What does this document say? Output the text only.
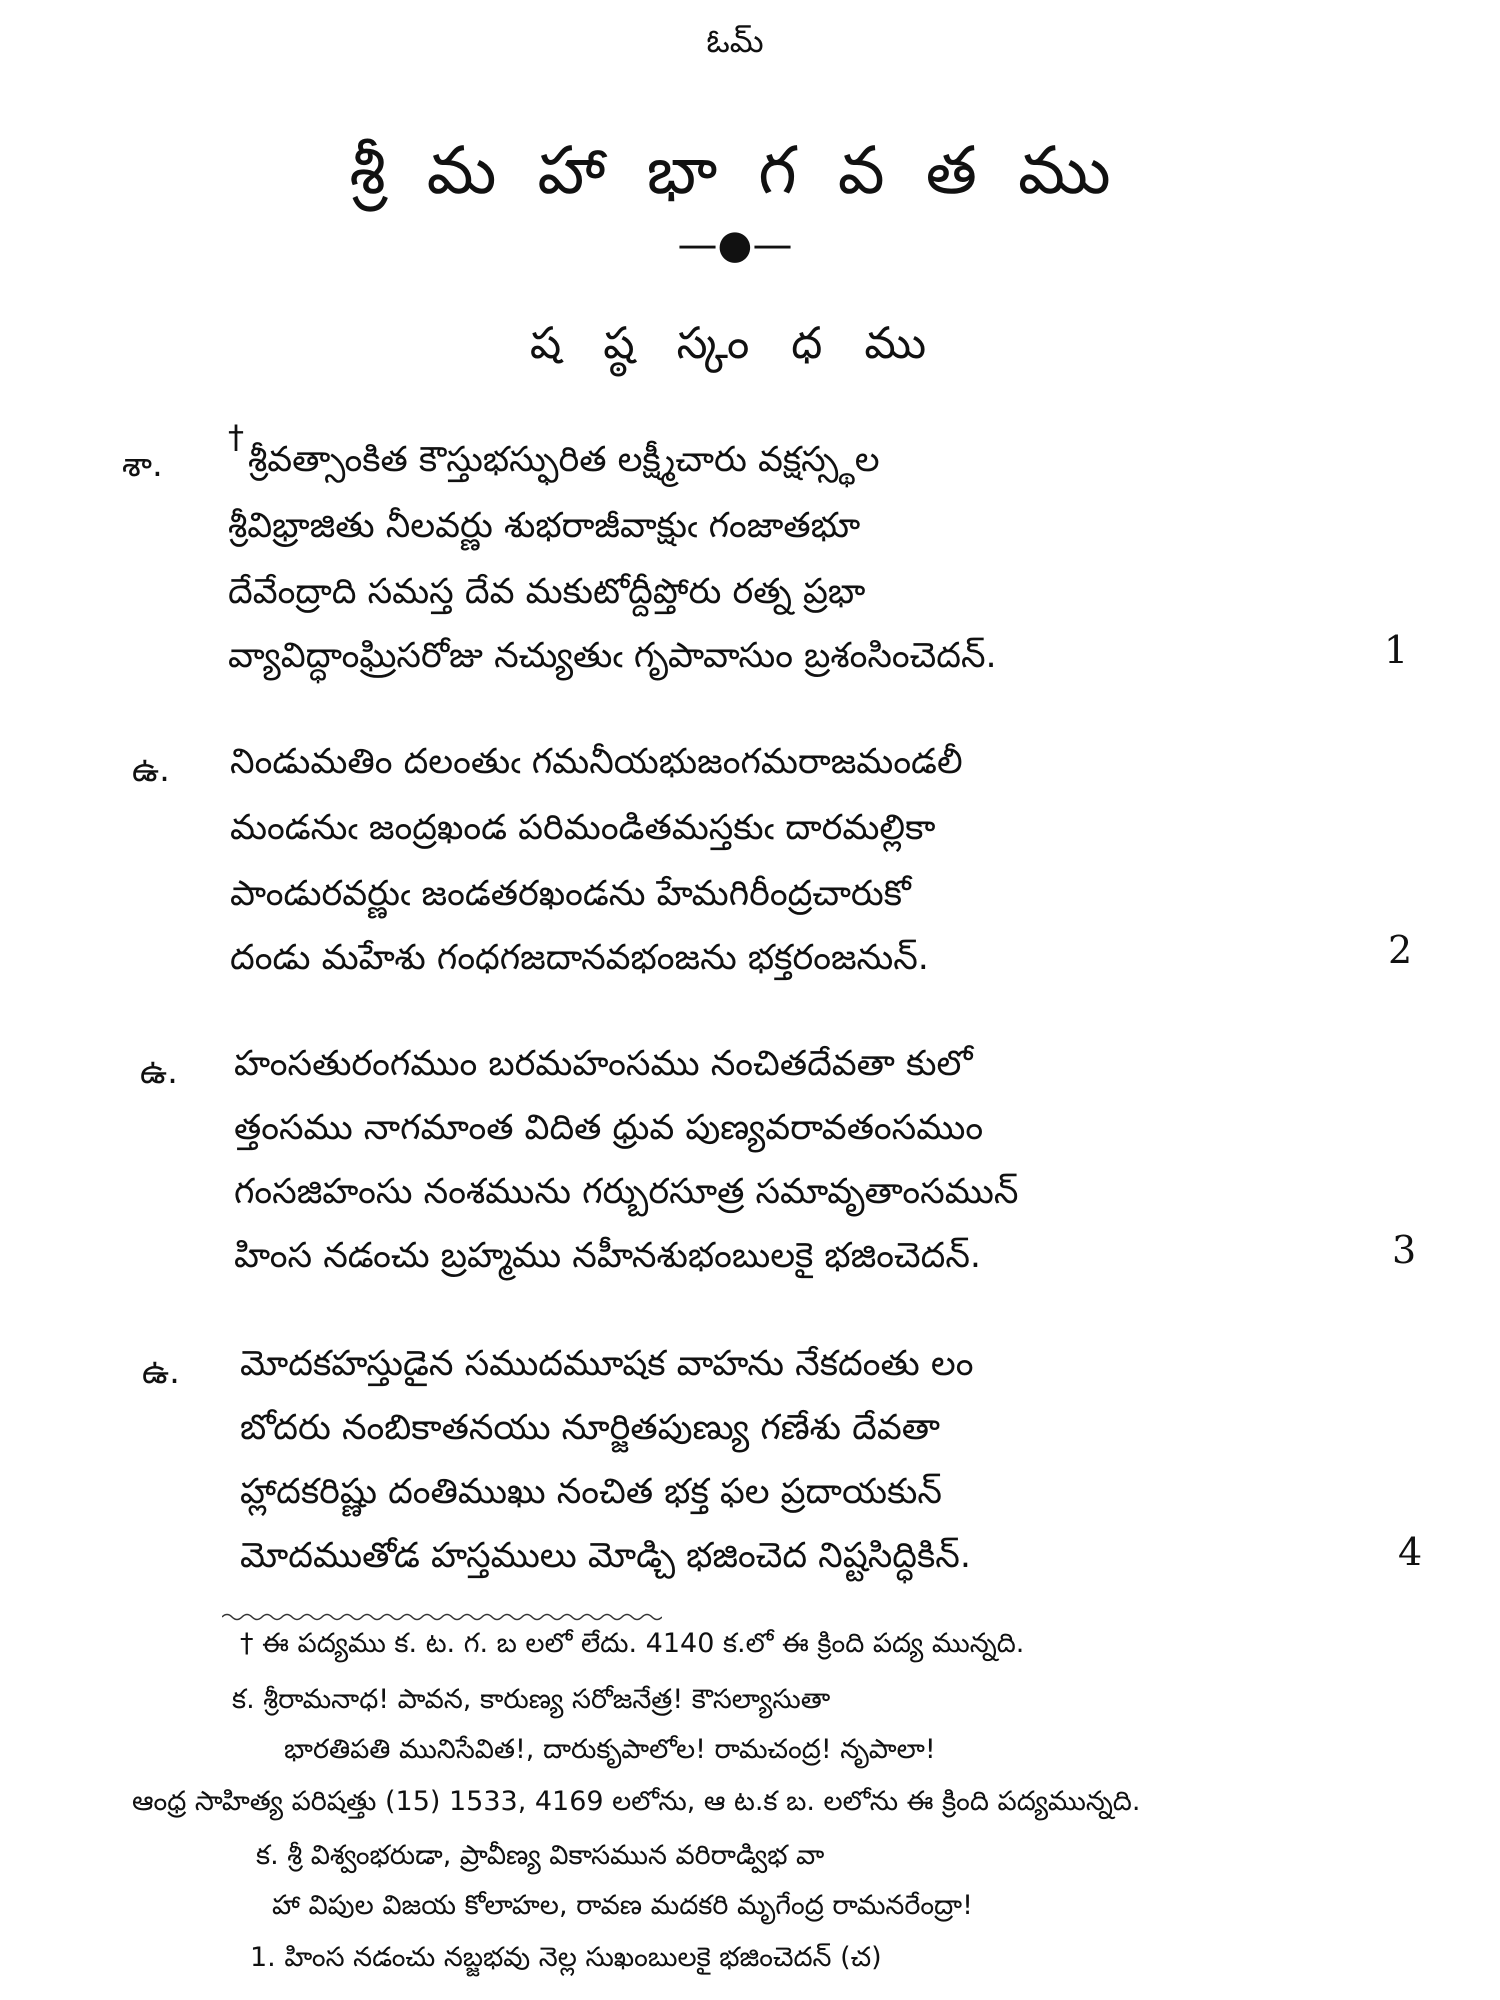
ఓమ్
శ్రీ మ హా భా గ వ త ము
—●—
ష ష్ఠ స్కం ధ ము
శా.
†
శ్రీవత్సాంకిత కౌస్తుభస్ఫురిత లక్ష్మీచారు వక్షస్స్థల
శ్రీవిభ్రాజితు నీలవర్ణు శుభరాజీవాక్షుఁ గంజాతభూ
దేవేంద్రాది సమస్త దేవ మకుటోద్దీప్తోరు రత్న ప్రభా
వ్యావిద్ధాంఘ్రిసరోజు నచ్యుతుఁ గృపావాసుం బ్రశంసించెదన్.	1
ఉ. నిండుమతిం దలంతుఁ గమనీయభుజంగమరాజమండలీ
మండనుఁ జంద్రఖండ పరిమండితమస్తకుఁ దారమల్లికా
పాండురవర్ణుఁ జండతరఖండను హేమగిరీంద్రచారుకో
దండు మహేశు గంధగజదానవభంజను భక్తరంజనున్.	2
ఉ. హంసతురంగముం బరమహంసము నంచితదేవతా కులో
త్తంసము నాగమాంత విదిత ధ్రువ పుణ్యవరావతంసముం
గంసజిహంసు నంశమును గర్బురసూత్ర సమావృతాంసమున్
హింస నడంచు బ్రహ్మము నహీనశుభంబులకై భజించెదన్.	3
ఉ. మోదకహస్తుడైన సముదమూషక వాహను నేకదంతు లం
బోదరు నంబికాతనయు నూర్జితపుణ్యు గణేశు దేవతా
హ్లాదకరిష్ణు దంతిముఖు నంచిత భక్త ఫల ప్రదాయకున్
మోదముతోడ హస్తములు మోడ్చి భజించెద నిష్టసిద్ధికిన్.	4
† ఈ పద్యము క. ట. గ. బ లలో లేదు. 4140 క.లో ఈ క్రింది పద్య మున్నది.
క. శ్రీరామనాధ! పావన, కారుణ్య సరోజనేత్ర! కౌసల్యాసుతా
భారతిపతి మునిసేవిత!, దారుకృపాలోల! రామచంద్ర! నృపాలా!
ఆంధ్ర సాహిత్య పరిషత్తు (15) 1533, 4169 లలోను, ఆ ట.క బ. లలోను ఈ క్రింది పద్యమున్నది.
క. శ్రీ విశ్వంభరుడా, ప్రావీణ్య వికాసమున వరిరాడ్విభ వా
హా విపుల విజయ కోలాహల, రావణ మదకరి మృగేంద్ర రామనరేంద్రా!
1. హింస నడంచు నబ్జభవు నెల్ల సుఖంబులకై భజించెదన్ (చ)
